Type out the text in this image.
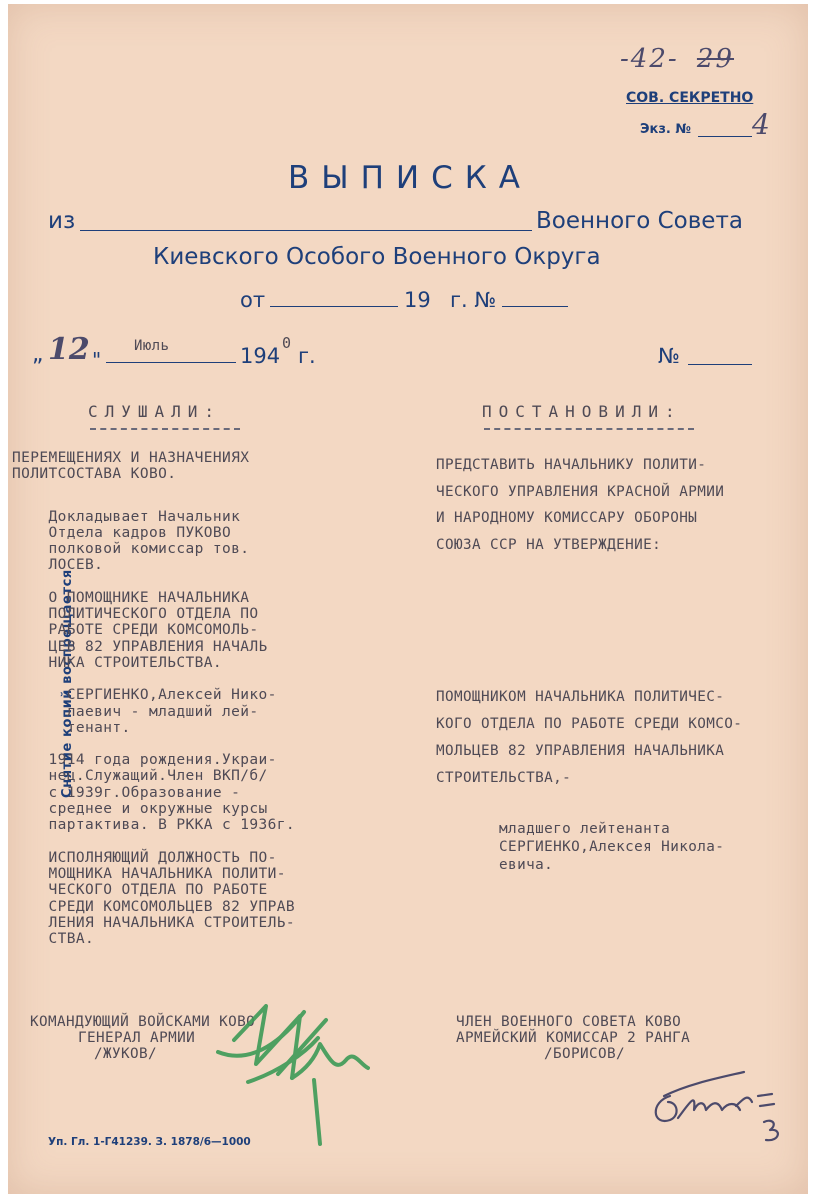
-42- 29
СОВ. СЕКРЕТНО
Экз. № 4
ВЫПИСКА
из	Военного Совета
Киевского Особого Военного Округа
от	19 г. №
„ 12 "
Июль	194
0
г.	№
Снятие копий воспрещается
СЛУШАЛИ:
ПЕРЕМЕЩЕНИЯХ И НАЗНАЧЕНИЯХ
ПОЛИТСОСТАВА КОВО.
Докладывает Начальник
Отдела кадров ПУКОВО
полковой комиссар тов.
ЛОСЕВ.
О ПОМОЩНИКЕ НАЧАЛЬНИКА
ПОЛИТИЧЕСКОГО ОТДЕЛА ПО
РАБОТЕ СРЕДИ КОМСОМОЛЬ-
ЦЕВ 82 УПРАВЛЕНИЯ НАЧАЛЬ
НИКА СТРОИТЕЛЬСТВА.
СЕРГИЕНКО,Алексей Нико-
лаевич - младший лей-
тенант.
1914 года рождения.Украи-
нец.Служащий.Член ВКП/б/
с 1939г.Образование -
среднее и окружные курсы
партактива. В РККА с 1936г.
ИСПОЛНЯЮЩИЙ ДОЛЖНОСТЬ ПО-
МОЩНИКА НАЧАЛЬНИКА ПОЛИТИ-
ЧЕСКОГО ОТДЕЛА ПО РАБОТЕ
СРЕДИ КОМСОМОЛЬЦЕВ 82 УПРАВ
ЛЕНИЯ НАЧАЛЬНИКА СТРОИТЕЛЬ-
СТВА.
ПОСТАНОВИЛИ:
ПРЕДСТАВИТЬ НАЧАЛЬНИКУ ПОЛИТИ-
ЧЕСКОГО УПРАВЛЕНИЯ КРАСНОЙ АРМИИ
И НАРОДНОМУ КОМИССАРУ ОБОРОНЫ
СОЮЗА ССР НА УТВЕРЖДЕНИЕ:
ПОМОЩНИКОМ НАЧАЛЬНИКА ПОЛИТИЧЕС-
КОГО ОТДЕЛА ПО РАБОТЕ СРЕДИ КОМСО-
МОЛЬЦЕВ 82 УПРАВЛЕНИЯ НАЧАЛЬНИКА
СТРОИТЕЛЬСТВА,-
младшего лейтенанта
СЕРГИЕНКО,Алексея Никола-
евича.
КОМАНДУЮЩИЙ ВОЙСКАМИ КОВО
ГЕНЕРАЛ АРМИИ
/ЖУКОВ/
ЧЛЕН ВОЕННОГО СОВЕТА КОВО
АРМЕЙСКИЙ КОМИССАР 2 РАНГА
/БОРИСОВ/
Уп. Гл. 1-Г41239. З. 1878/6—1000
